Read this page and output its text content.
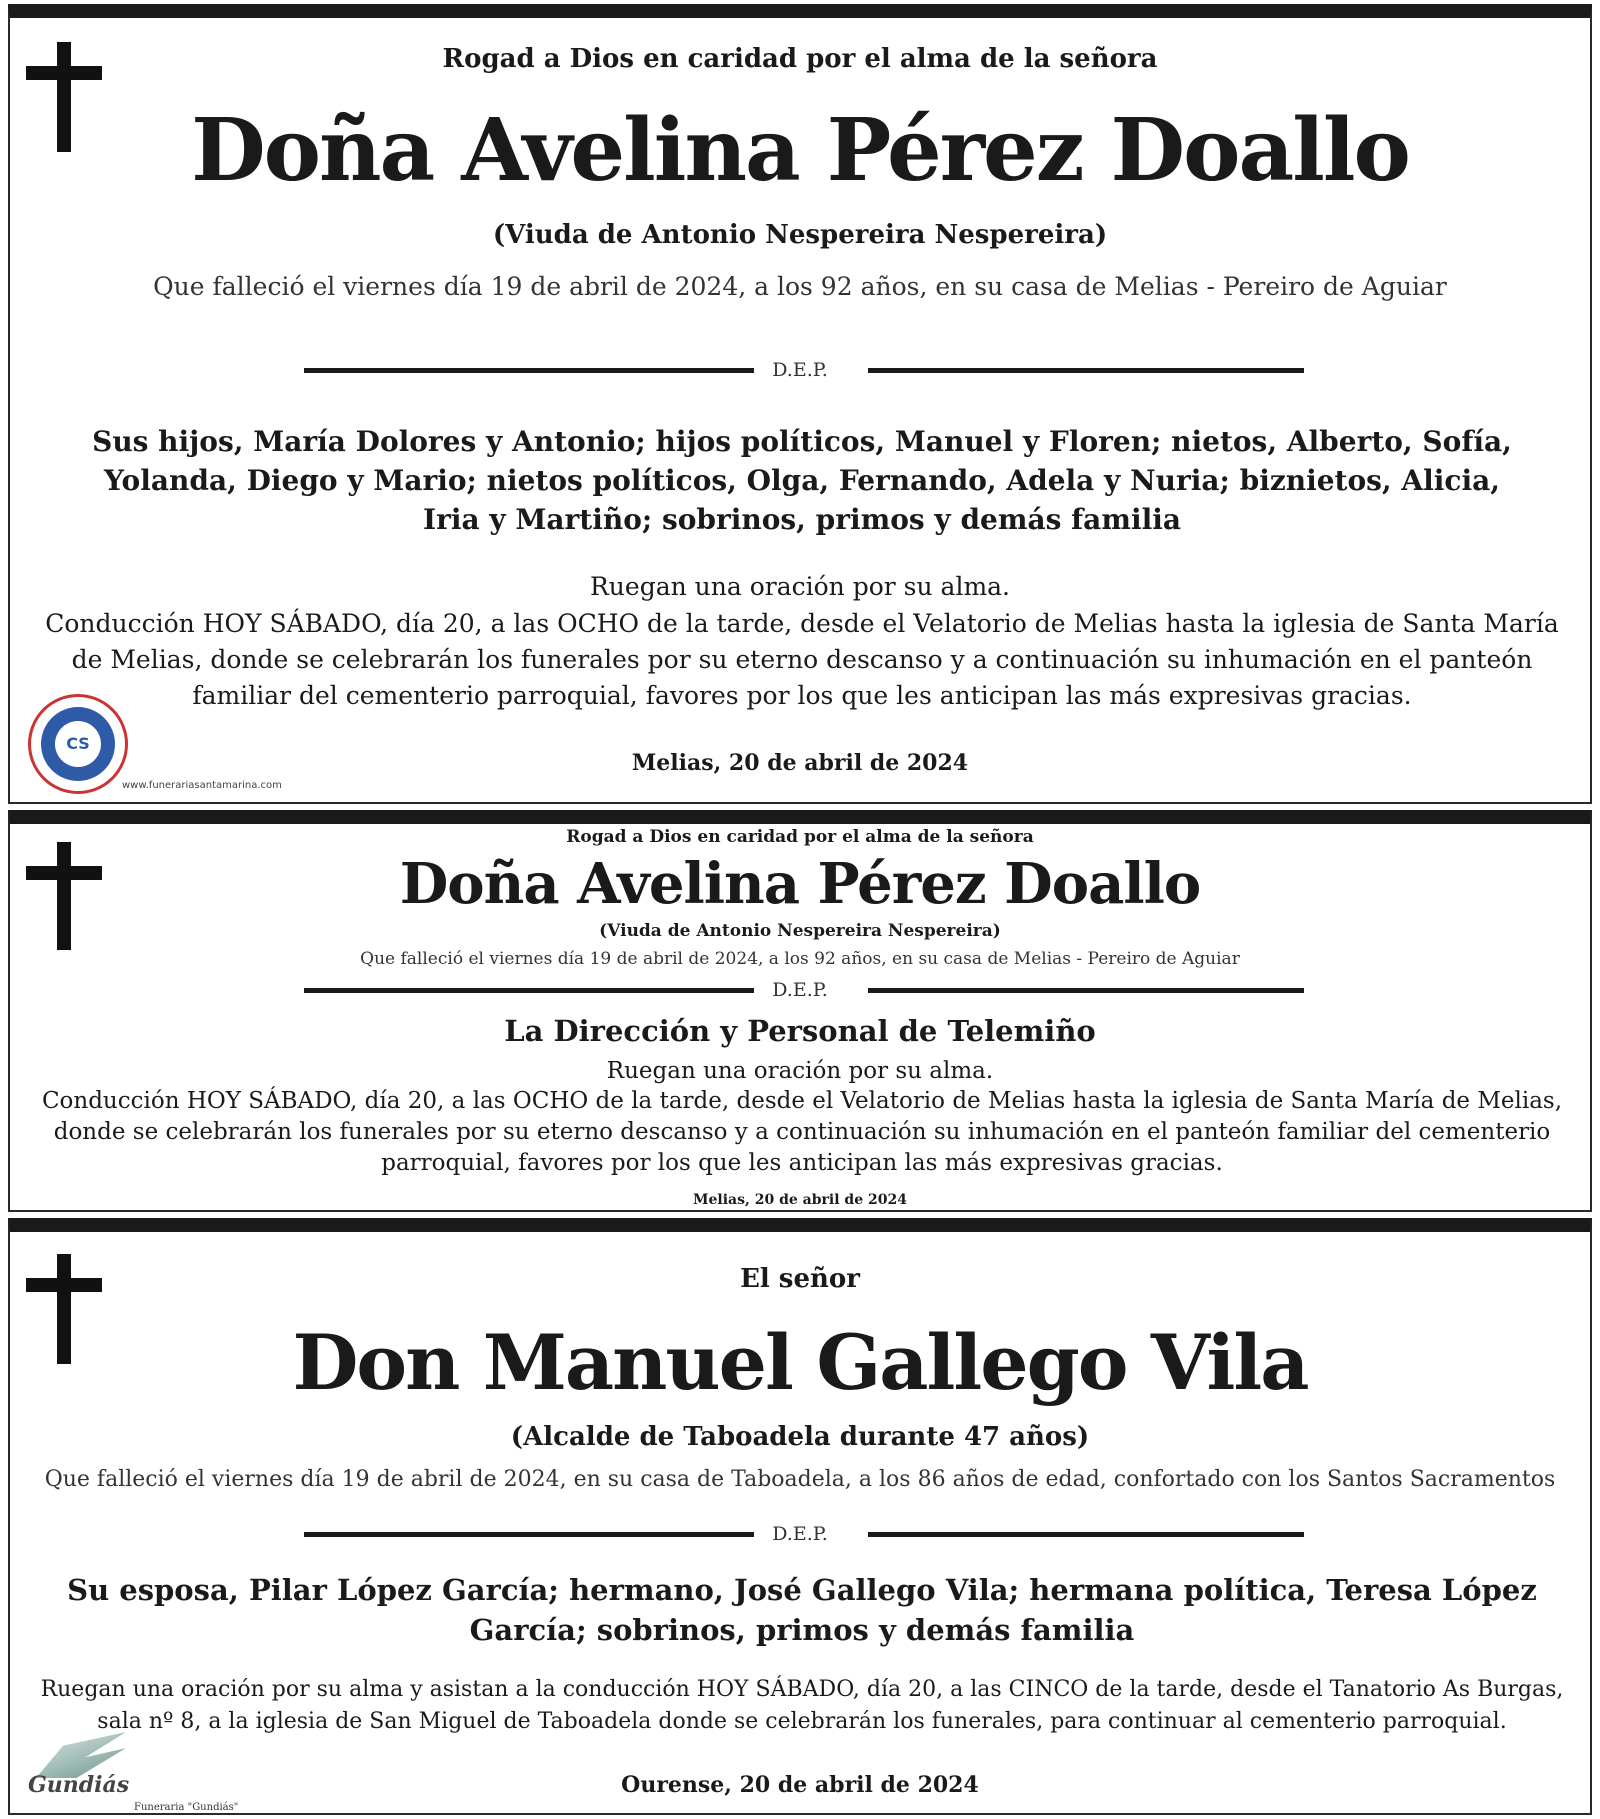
Rogad a Dios en caridad por el alma de la señora
Doña Avelina Pérez Doallo
(Viuda de Antonio Nespereira Nespereira)
Que falleció el viernes día 19 de abril de 2024, a los 92 años, en su casa de Melias - Pereiro de Aguiar
D.E.P.
Sus hijos, María Dolores y Antonio; hijos políticos, Manuel y Floren; nietos, Alberto, Sofía, Yolanda, Diego y Mario; nietos políticos, Olga, Fernando, Adela y Nuria; biznietos, Alicia, Iria y Martiño; sobrinos, primos y demás familia
Ruegan una oración por su alma.
Conducción HOY SÁBADO, día 20, a las OCHO de la tarde, desde el Velatorio de Melias hasta la iglesia de Santa María de Melias, donde se celebrarán los funerales por su eterno descanso y a continuación su inhumación en el panteón familiar del cementerio parroquial, favores por los que les anticipan las más expresivas gracias.
Melias, 20 de abril de 2024
CS
www.funerariasantamarina.com
Rogad a Dios en caridad por el alma de la señora
Doña Avelina Pérez Doallo
(Viuda de Antonio Nespereira Nespereira)
Que falleció el viernes día 19 de abril de 2024, a los 92 años, en su casa de Melias - Pereiro de Aguiar
D.E.P.
La Dirección y Personal de Telemiño
Ruegan una oración por su alma.
Conducción HOY SÁBADO, día 20, a las OCHO de la tarde, desde el Velatorio de Melias hasta la iglesia de Santa María de Melias, donde se celebrarán los funerales por su eterno descanso y a continuación su inhumación en el panteón familiar del cementerio parroquial, favores por los que les anticipan las más expresivas gracias.
Melias, 20 de abril de 2024
El señor
Don Manuel Gallego Vila
(Alcalde de Taboadela durante 47 años)
Que falleció el viernes día 19 de abril de 2024, en su casa de Taboadela, a los 86 años de edad, confortado con los Santos Sacramentos
D.E.P.
Su esposa, Pilar López García; hermano, José Gallego Vila; hermana política, Teresa López García; sobrinos, primos y demás familia
Ruegan una oración por su alma y asistan a la conducción HOY SÁBADO, día 20, a las CINCO de la tarde, desde el Tanatorio As Burgas, sala nº 8, a la iglesia de San Miguel de Taboadela donde se celebrarán los funerales, para continuar al cementerio parroquial.
Ourense, 20 de abril de 2024
Gundiás
Funeraria "Gundiás"
